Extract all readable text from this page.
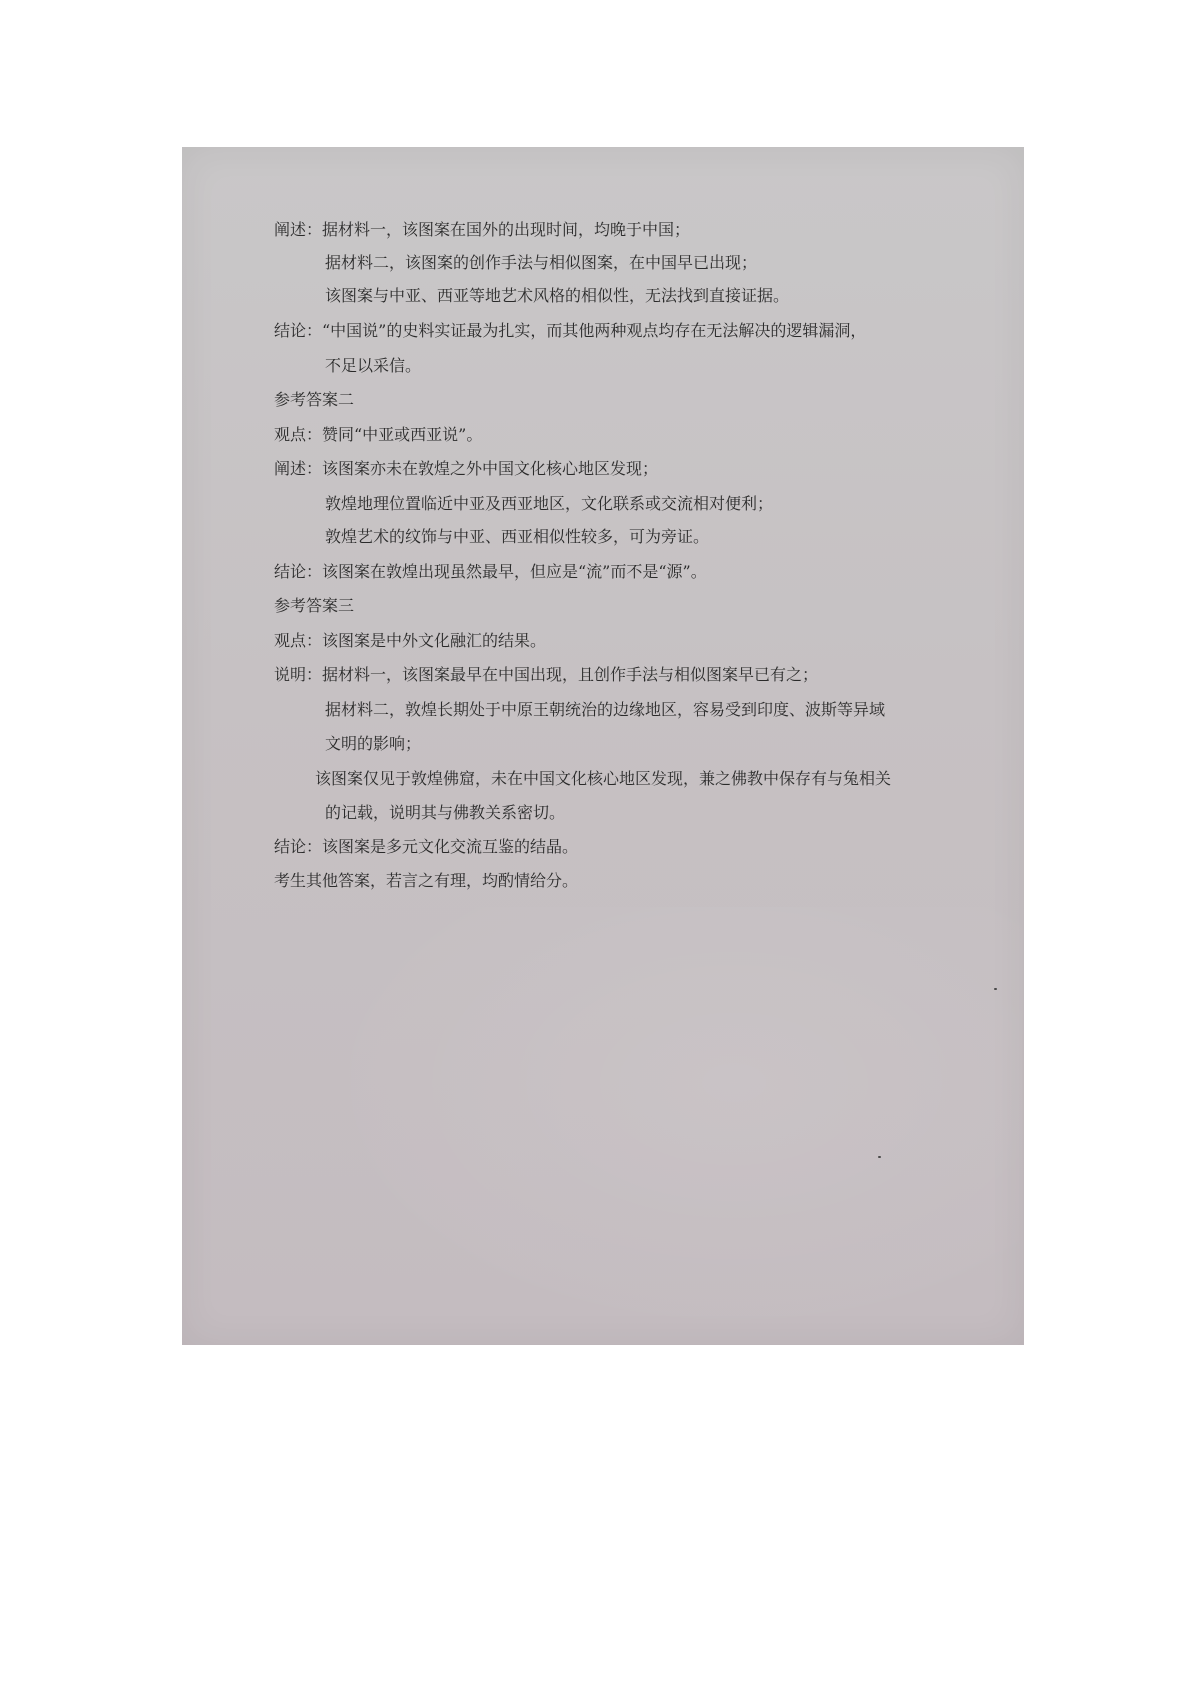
阐述：据材料一，该图案在国外的出现时间，均晚于中国；
据材料二，该图案的创作手法与相似图案，在中国早已出现；
该图案与中亚、西亚等地艺术风格的相似性，无法找到直接证据。
结论：“中国说”的史料实证最为扎实，而其他两种观点均存在无法解决的逻辑漏洞，
不足以采信。
参考答案二
观点：赞同“中亚或西亚说”。
阐述：该图案亦未在敦煌之外中国文化核心地区发现；
敦煌地理位置临近中亚及西亚地区，文化联系或交流相对便利；
敦煌艺术的纹饰与中亚、西亚相似性较多，可为旁证。
结论：该图案在敦煌出现虽然最早，但应是“流”而不是“源”。
参考答案三
观点：该图案是中外文化融汇的结果。
说明：据材料一，该图案最早在中国出现，且创作手法与相似图案早已有之；
据材料二，敦煌长期处于中原王朝统治的边缘地区，容易受到印度、波斯等异域
文明的影响；
该图案仅见于敦煌佛窟，未在中国文化核心地区发现，兼之佛教中保存有与兔相关
的记载，说明其与佛教关系密切。
结论：该图案是多元文化交流互鉴的结晶。
考生其他答案，若言之有理，均酌情给分。
